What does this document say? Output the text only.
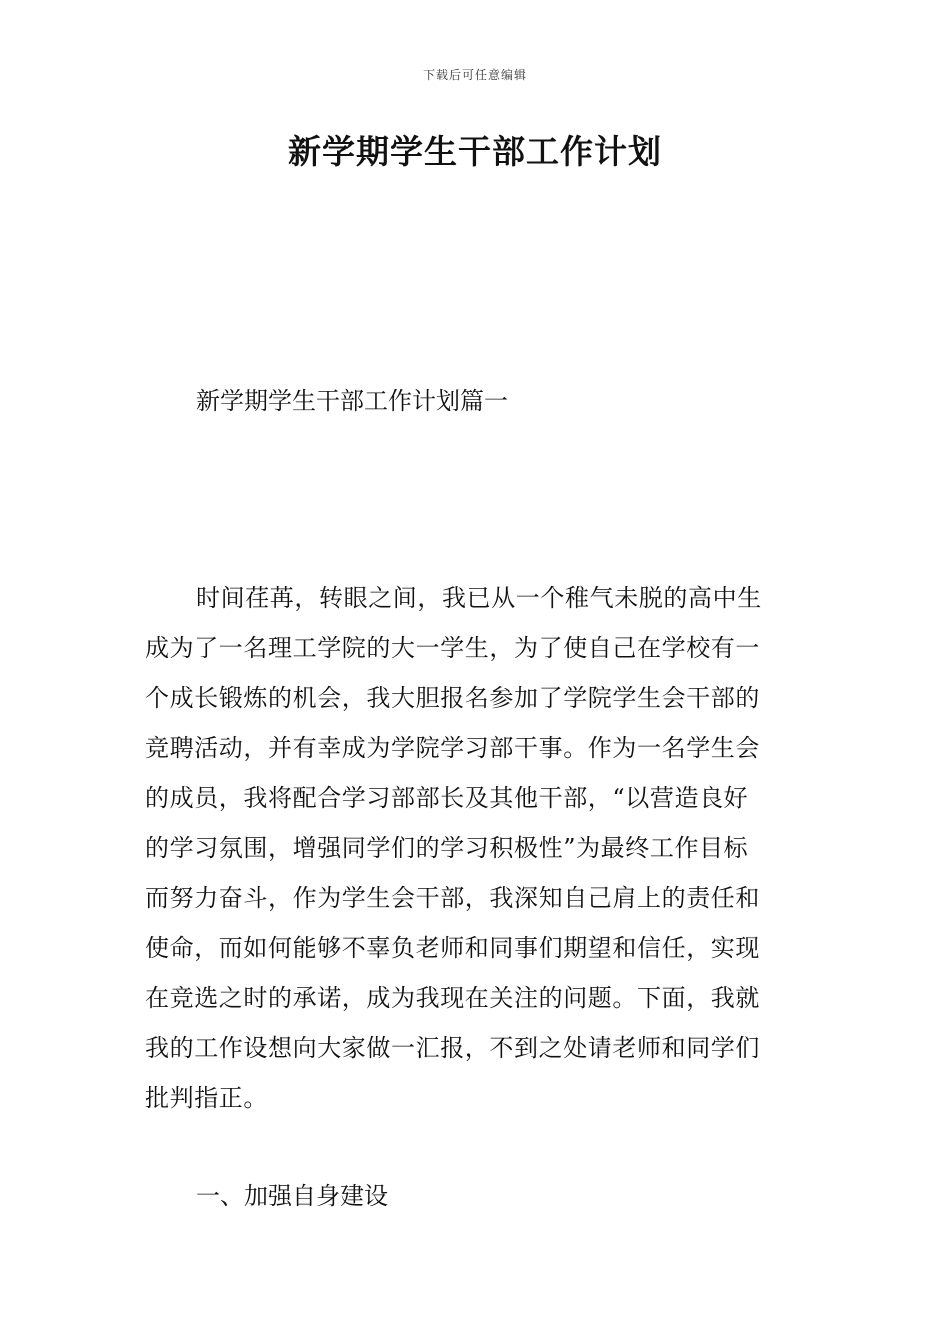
下载后可任意编辑
新学期学生干部工作计划
新学期学生干部工作计划篇一
时间荏苒，转眼之间，我已从一个稚气未脱的高中生
成为了一名理工学院的大一学生，为了使自己在学校有一
个成长锻炼的机会，我大胆报名参加了学院学生会干部的
竞聘活动，并有幸成为学院学习部干事。作为一名学生会
的成员，我将配合学习部部长及其他干部，“以营造良好
的学习氛围，增强同学们的学习积极性”为最终工作目标
而努力奋斗，作为学生会干部，我深知自己肩上的责任和
使命，而如何能够不辜负老师和同事们期望和信任，实现
在竞选之时的承诺，成为我现在关注的问题。下面，我就
我的工作设想向大家做一汇报，不到之处请老师和同学们
批判指正。
一、加强自身建设
